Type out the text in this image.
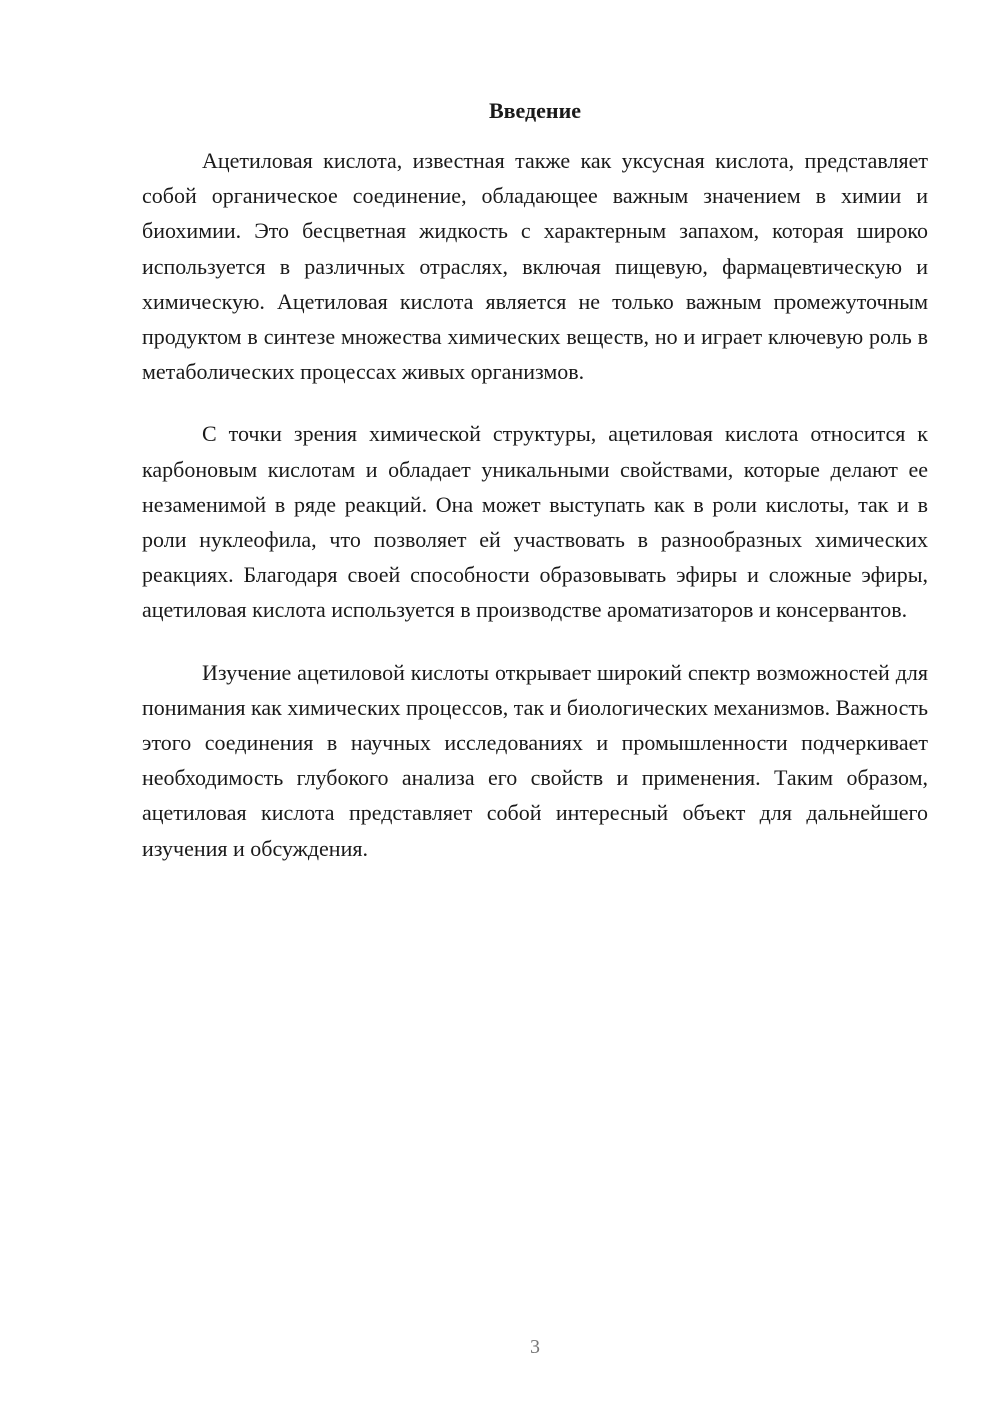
Введение

Ацетиловая кислота, известная также как уксусная кислота, представляет собой органическое соединение, обладающее важным значением в химии и биохимии. Это бесцветная жидкость с характерным запахом, которая широко используется в различных отраслях, включая пищевую, фармацевтическую и химическую. Ацетиловая кислота является не только важным промежуточным продуктом в синтезе множества химических веществ, но и играет ключевую роль в метаболических процессах живых организмов.

С точки зрения химической структуры, ацетиловая кислота относится к карбоновым кислотам и обладает уникальными свойствами, которые делают ее незаменимой в ряде реакций. Она может выступать как в роли кислоты, так и в роли нуклеофила, что позволяет ей участвовать в разнообразных химических реакциях. Благодаря своей способности образовывать эфиры и сложные эфиры, ацетиловая кислота используется в производстве ароматизаторов и консервантов.

Изучение ацетиловой кислоты открывает широкий спектр возможностей для понимания как химических процессов, так и биологических механизмов. Важность этого соединения в научных исследованиях и промышленности подчеркивает необходимость глубокого анализа его свойств и применения. Таким образом, ацетиловая кислота представляет собой интересный объект для дальнейшего изучения и обсуждения.

3
